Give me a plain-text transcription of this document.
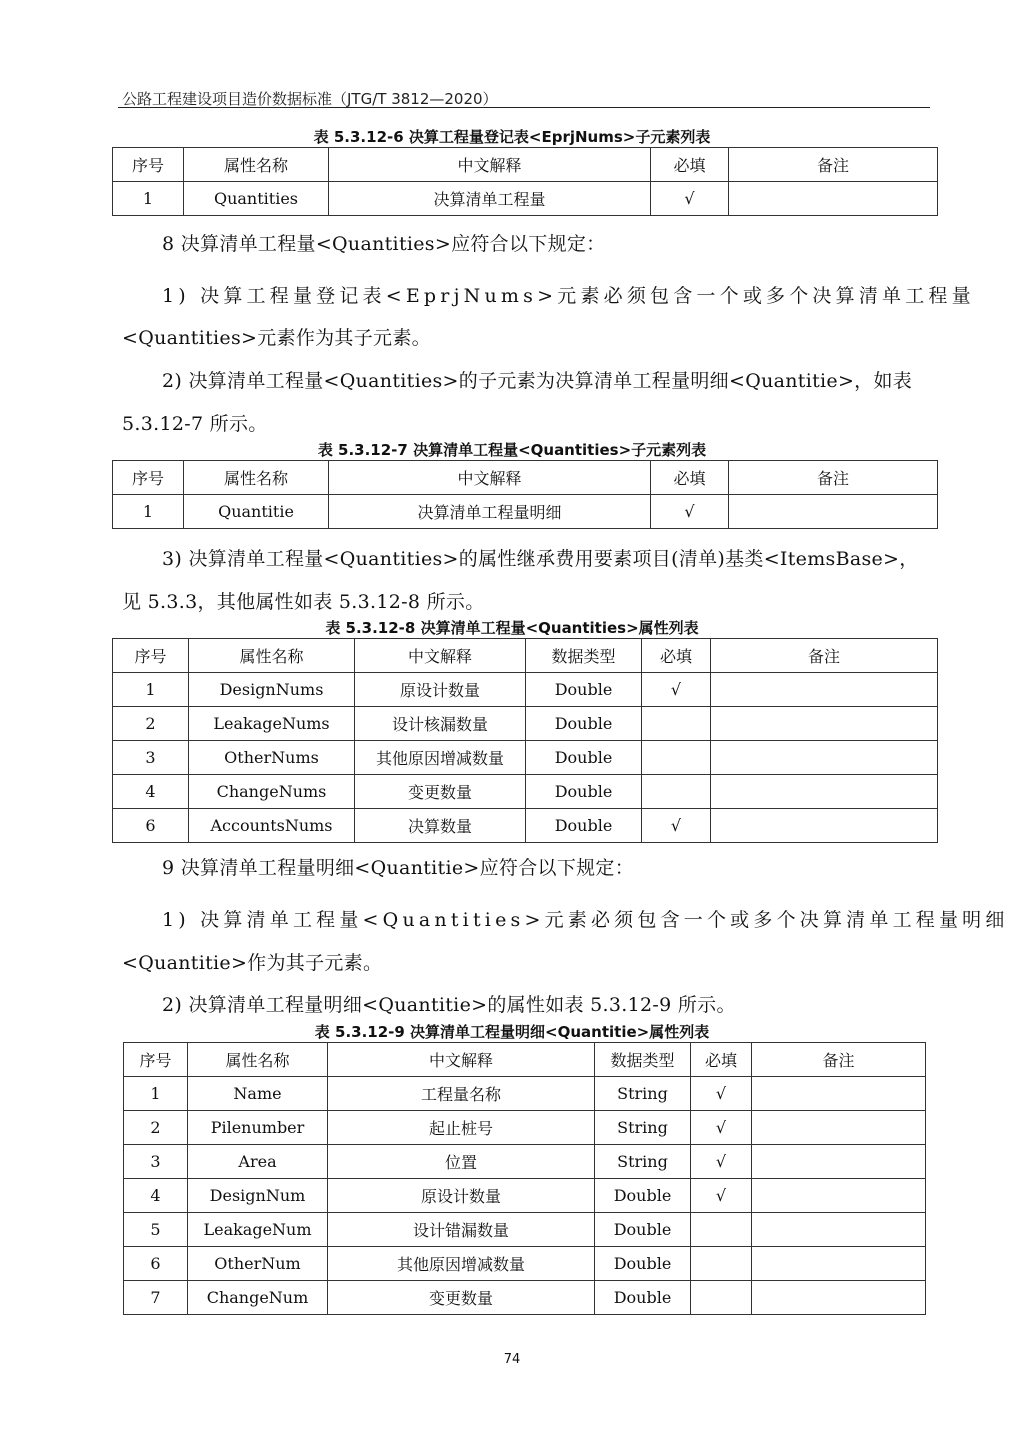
公路工程建设项目造价数据标准（JTG/T 3812—2020）
表 5.3.12-6 决算工程量登记表<EprjNums>子元素列表
序号	属性名称	中文解释	必填	备注
1	Quantities	决算清单工程量	√	
8 决算清单工程量<Quantities>应符合以下规定：
1) 决算工程量登记表<EprjNums>元素必须包含一个或多个决算清单工程量
<Quantities>元素作为其子元素。
2) 决算清单工程量<Quantities>的子元素为决算清单工程量明细<Quantitie>，如表
5.3.12-7 所示。
表 5.3.12-7 决算清单工程量<Quantities>子元素列表
序号	属性名称	中文解释	必填	备注
1	Quantitie	决算清单工程量明细	√	
3) 决算清单工程量<Quantities>的属性继承费用要素项目(清单)基类<ItemsBase>，
见 5.3.3，其他属性如表 5.3.12-8 所示。
表 5.3.12-8 决算清单工程量<Quantities>属性列表
序号	属性名称	中文解释	数据类型	必填	备注
1	DesignNums	原设计数量	Double	√	
2	LeakageNums	设计核漏数量	Double		
3	OtherNums	其他原因增减数量	Double		
4	ChangeNums	变更数量	Double		
6	AccountsNums	决算数量	Double	√	
9 决算清单工程量明细<Quantitie>应符合以下规定：
1) 决算清单工程量<Quantities>元素必须包含一个或多个决算清单工程量明细
<Quantitie>作为其子元素。
2) 决算清单工程量明细<Quantitie>的属性如表 5.3.12-9 所示。
表 5.3.12-9 决算清单工程量明细<Quantitie>属性列表
序号	属性名称	中文解释	数据类型	必填	备注
1	Name	工程量名称	String	√	
2	Pilenumber	起止桩号	String	√	
3	Area	位置	String	√	
4	DesignNum	原设计数量	Double	√	
5	LeakageNum	设计错漏数量	Double		
6	OtherNum	其他原因增减数量	Double		
7	ChangeNum	变更数量	Double		
74
